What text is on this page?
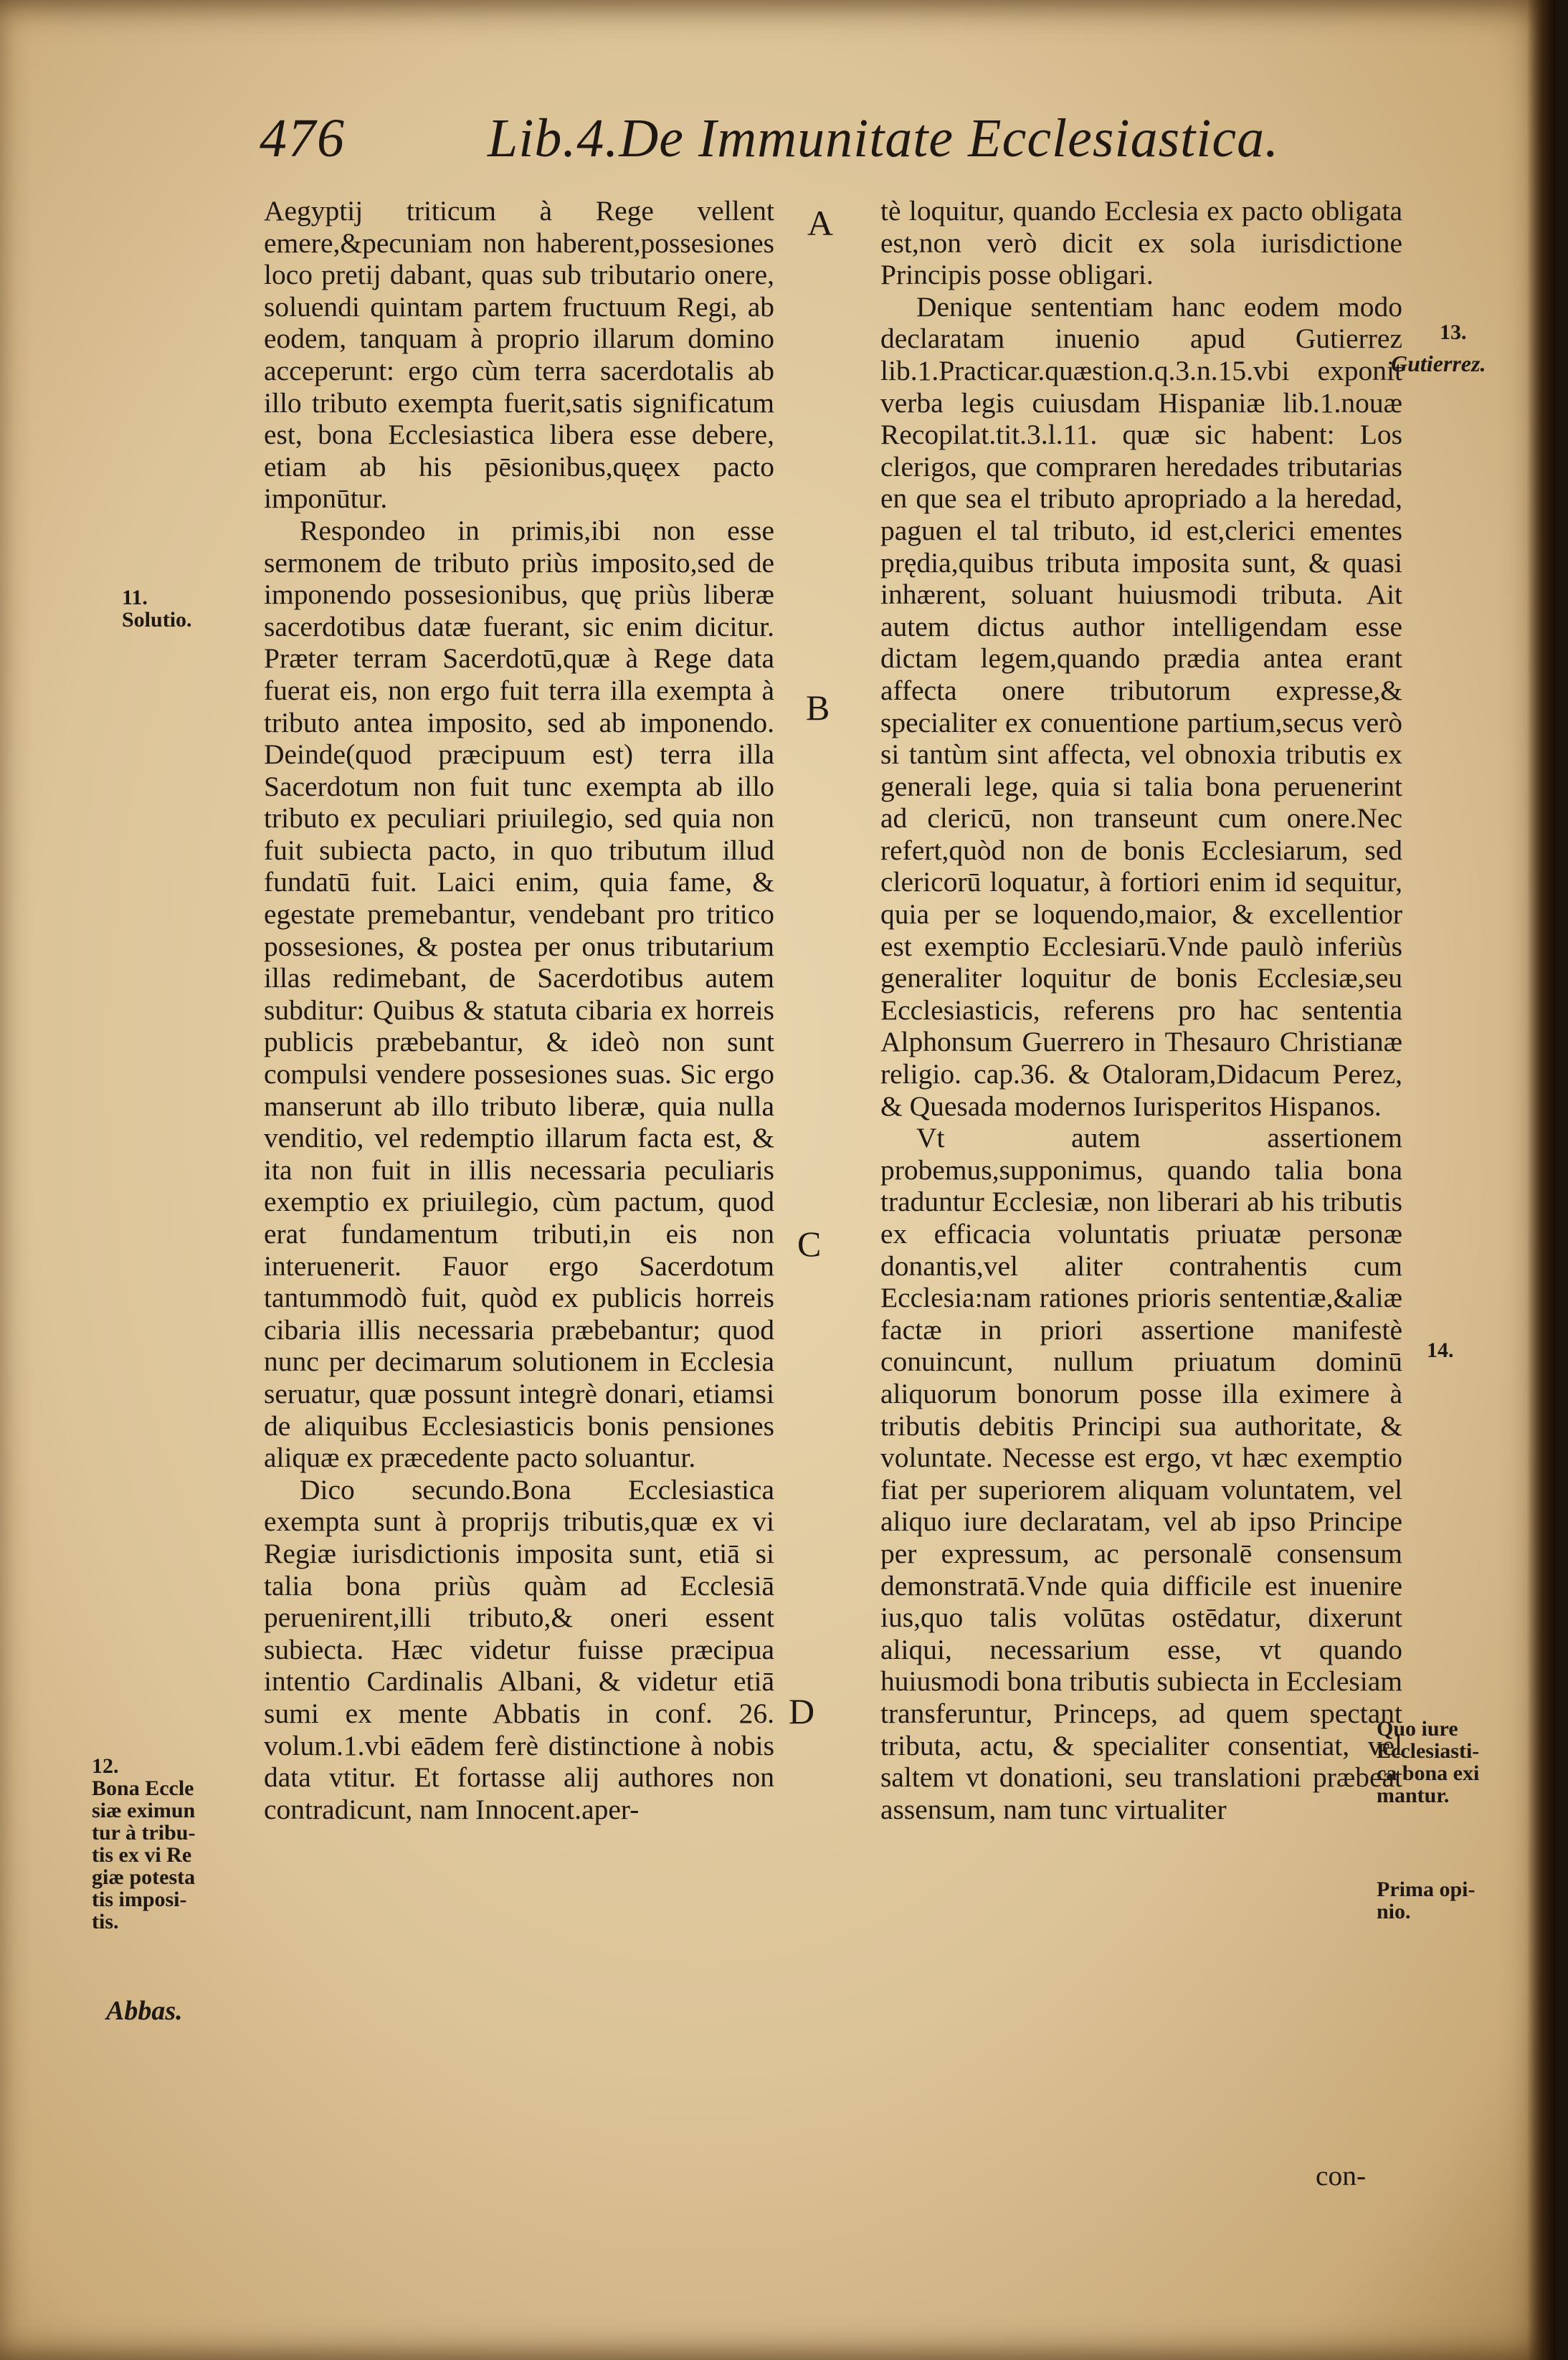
476	Lib.4.De Immunitate Ecclesiastica.

Aegyptij triticum à Rege vellent emere,&pecuniam non haberent,possesiones loco pretij dabant, quas sub tributario onere, soluendi quintam partem fructuum Regi, ab eodem, tanquam à proprio illarum domino acceperunt: ergo cùm terra sacerdotalis ab illo tributo exempta fuerit,satis significatum est, bona Ecclesiastica libera esse debere, etiam ab his pēsionibus,quęex pacto imponūtur.

Respondeo in primis,ibi non esse sermonem de tributo priùs imposito,sed de imponendo possesionibus, quę priùs liberæ sacerdotibus datæ fuerant, sic enim dicitur. Præter terram Sacerdotū,quæ à Rege data fuerat eis, non ergo fuit terra illa exempta à tributo antea imposito, sed ab imponendo. Deinde(quod præcipuum est) terra illa Sacerdotum non fuit tunc exempta ab illo tributo ex peculiari priuilegio, sed quia non fuit subiecta pacto, in quo tributum illud fundatū fuit. Laici enim, quia fame, & egestate premebantur, vendebant pro tritico possesiones, & postea per onus tributarium illas redimebant, de Sacerdotibus autem subditur: Quibus & statuta cibaria ex horreis publicis præbebantur, & ideò non sunt compulsi vendere possesiones suas. Sic ergo manserunt ab illo tributo liberæ, quia nulla venditio, vel redemptio illarum facta est, & ita non fuit in illis necessaria peculiaris exemptio ex priuilegio, cùm pactum, quod erat fundamentum tributi,in eis non interuenerit. Fauor ergo Sacerdotum tantummodò fuit, quòd ex publicis horreis cibaria illis necessaria præbebantur; quod nunc per decimarum solutionem in Ecclesia seruatur, quæ possunt integrè donari, etiamsi de aliquibus Ecclesiasticis bonis pensiones aliquæ ex præcedente pacto soluantur.

Dico secundo.Bona Ecclesiastica exempta sunt à proprijs tributis,quæ ex vi Regiæ iurisdictionis imposita sunt, etiā si talia bona priùs quàm ad Ecclesiā peruenirent,illi tributo,& oneri essent subiecta. Hæc videtur fuisse præcipua intentio Cardinalis Albani, & videtur etiā sumi ex mente Abbatis in conf. 26. volum.1.vbi eādem ferè distinctione à nobis data vtitur. Et fortasse alij authores non contradicunt, nam Innocent.aper-

tè loquitur, quando Ecclesia ex pacto obligata est,non verò dicit ex sola iurisdictione Principis posse obligari.

Denique sententiam hanc eodem modo declaratam inuenio apud Gutierrez lib.1.Practicar.quæstion.q.3.n.15.vbi exponit verba legis cuiusdam Hispaniæ lib.1.nouæ Recopilat.tit.3.l.11. quæ sic habent: Los clerigos, que compraren heredades tributarias en que sea el tributo apropriado a la heredad, paguen el tal tributo, id est,clerici ementes prędia,quibus tributa imposita sunt, & quasi inhærent, soluant huiusmodi tributa. Ait autem dictus author intelligendam esse dictam legem,quando prædia antea erant affecta onere tributorum expresse,& specialiter ex conuentione partium,secus verò si tantùm sint affecta, vel obnoxia tributis ex generali lege, quia si talia bona peruenerint ad clericū, non transeunt cum onere.Nec refert,quòd non de bonis Ecclesiarum, sed clericorū loquatur, à fortiori enim id sequitur, quia per se loquendo,maior, & excellentior est exemptio Ecclesiarū.Vnde paulò inferiùs generaliter loquitur de bonis Ecclesiæ,seu Ecclesiasticis, referens pro hac sententia Alphonsum Guerrero in Thesauro Christianæ religio. cap.36. & Otaloram,Didacum Perez, & Quesada modernos Iurisperitos Hispanos.

Vt autem assertionem probemus,supponimus, quando talia bona traduntur Ecclesiæ, non liberari ab his tributis ex efficacia voluntatis priuatæ personæ donantis,vel aliter contrahentis cum Ecclesia:nam rationes prioris sententiæ,&aliæ factæ in priori assertione manifestè conuincunt, nullum priuatum dominū aliquorum bonorum posse illa eximere à tributis debitis Principi sua authoritate, & voluntate. Necesse est ergo, vt hæc exemptio fiat per superiorem aliquam voluntatem, vel aliquo iure declaratam, vel ab ipso Principe per expressum, ac personalē consensum demonstratā.Vnde quia difficile est inuenire ius,quo talis volūtas ostēdatur, dixerunt aliqui, necessarium esse, vt quando huiusmodi bona tributis subiecta in Ecclesiam transferuntur, Princeps, ad quem spectant tributa, actu, & specialiter consentiat, vel saltem vt donationi, seu translationi præbeat assensum, nam tunc virtualiter

con-
A
B
C
D
11.
Solutio.
12.
Bona Eccle
siæ eximun
tur à tribu-
tis ex vi Re
giæ potesta
tis imposi-
tis.
Abbas.
13.
Gutierrez.
14.
Quo iure
Ecclesiasti-
ca bona exi
mantur.
Prima opi-
nio.
